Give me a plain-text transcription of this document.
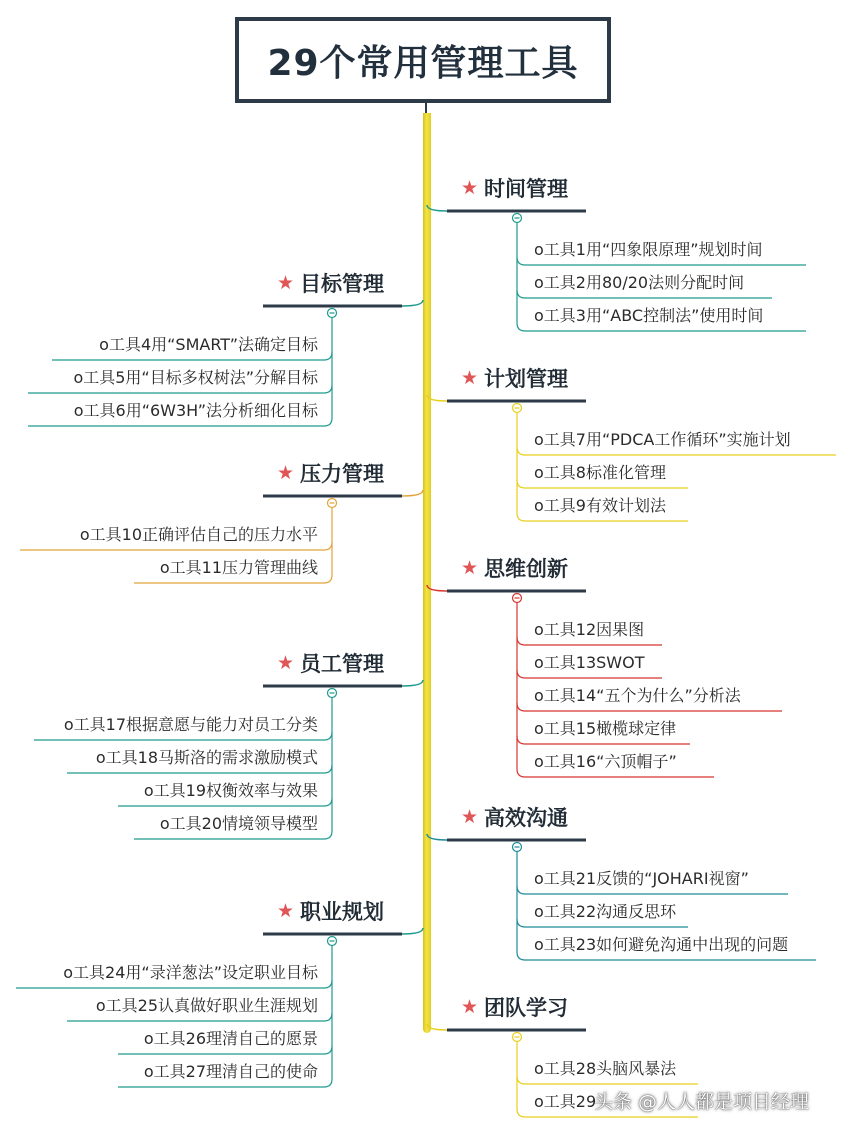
29个常用管理工具
★ 时间管理
o工具1用“四象限原理”规划时间
o工具2用80/20法则分配时间
o工具3用“ABC控制法”使用时间
★ 目标管理
o工具4用“SMART”法确定目标
o工具5用“目标多权树法”分解目标
o工具6用“6W3H”法分析细化目标
★ 计划管理
o工具7用“PDCA工作循环”实施计划
o工具8标准化管理
o工具9有效计划法
★ 压力管理
o工具10正确评估自己的压力水平
o工具11压力管理曲线	★ 思维创新
o工具12因果图
o工具13SWOT
o工具14“五个为什么”分析法
o工具15橄榄球定律
o工具16“六顶帽子”
★ 员工管理
o工具17根据意愿与能力对员工分类
o工具18马斯洛的需求激励模式
o工具19权衡效率与效果
o工具20情境领导模型	★ 高效沟通
o工具21反馈的“JOHARI视窗”
o工具22沟通反思环
o工具23如何避免沟通中出现的问题
★ 职业规划
o工具24用“录洋葱法”设定职业目标
o工具25认真做好职业生涯规划
o工具26理清自己的愿景
o工具27理清自己的使命
★ 团队学习
o工具28头脑风暴法
o工具29
头条 @人人都是项目经理
